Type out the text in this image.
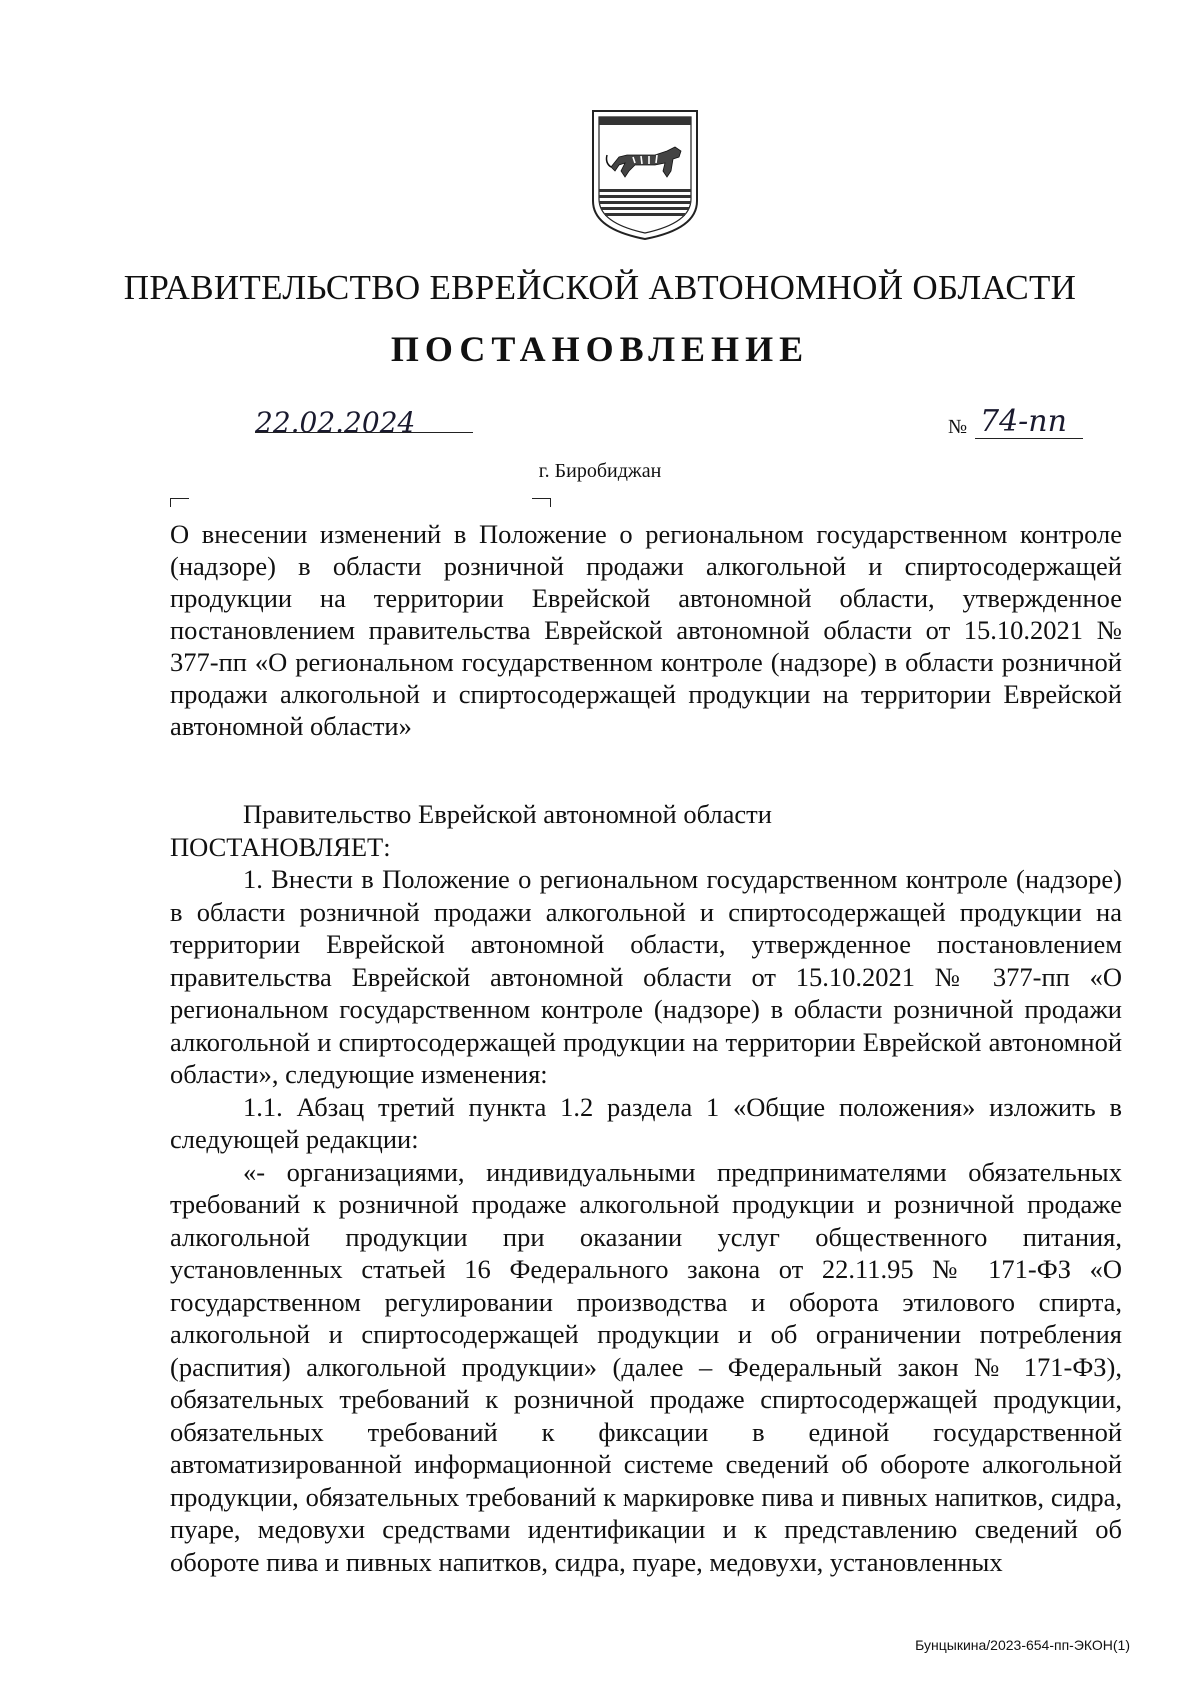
ПРАВИТЕЛЬСТВО ЕВРЕЙСКОЙ АВТОНОМНОЙ ОБЛАСТИ
ПОСТАНОВЛЕНИЕ
22.02.2024	№ 74-пп
г. Биробиджан
О внесении изменений в Положение о региональном государственном контроле (надзоре) в области розничной продажи алкогольной и спиртосодержащей продукции на территории Еврейской автономной области, утвержденное постановлением правительства Еврейской автономной области от 15.10.2021 № 377-пп «О региональном государственном контроле (надзоре) в области розничной продажи алкогольной и спиртосодержащей продукции на территории Еврейской автономной области»

Правительство Еврейской автономной области

ПОСТАНОВЛЯЕТ:

1. Внести в Положение о региональном государственном контроле (надзоре) в области розничной продажи алкогольной и спиртосодержащей продукции на территории Еврейской автономной области, утвержденное постановлением правительства Еврейской автономной области от 15.10.2021 № 377-пп «О региональном государственном контроле (надзоре) в области розничной продажи алкогольной и спиртосодержащей продукции на территории Еврейской автономной области», следующие изменения:

1.1. Абзац третий пункта 1.2 раздела 1 «Общие положения» изложить в следующей редакции:

«- организациями, индивидуальными предпринимателями обязательных требований к розничной продаже алкогольной продукции и розничной продаже алкогольной продукции при оказании услуг общественного питания, установленных статьей 16 Федерального закона от 22.11.95 № 171-ФЗ «О государственном регулировании производства и оборота этилового спирта, алкогольной и спиртосодержащей продукции и об ограничении потребления (распития) алкогольной продукции» (далее – Федеральный закон № 171-ФЗ), обязательных требований к розничной продаже спиртосодержащей продукции, обязательных требований к фиксации в единой государственной автоматизированной информационной системе сведений об обороте алкогольной продукции, обязательных требований к маркировке пива и пивных напитков, сидра, пуаре, медовухи средствами идентификации и к представлению сведений об обороте пива и пивных напитков, сидра, пуаре, медовухи, установленных

Бунцыкина/2023-654-пп-ЭКОН(1)
